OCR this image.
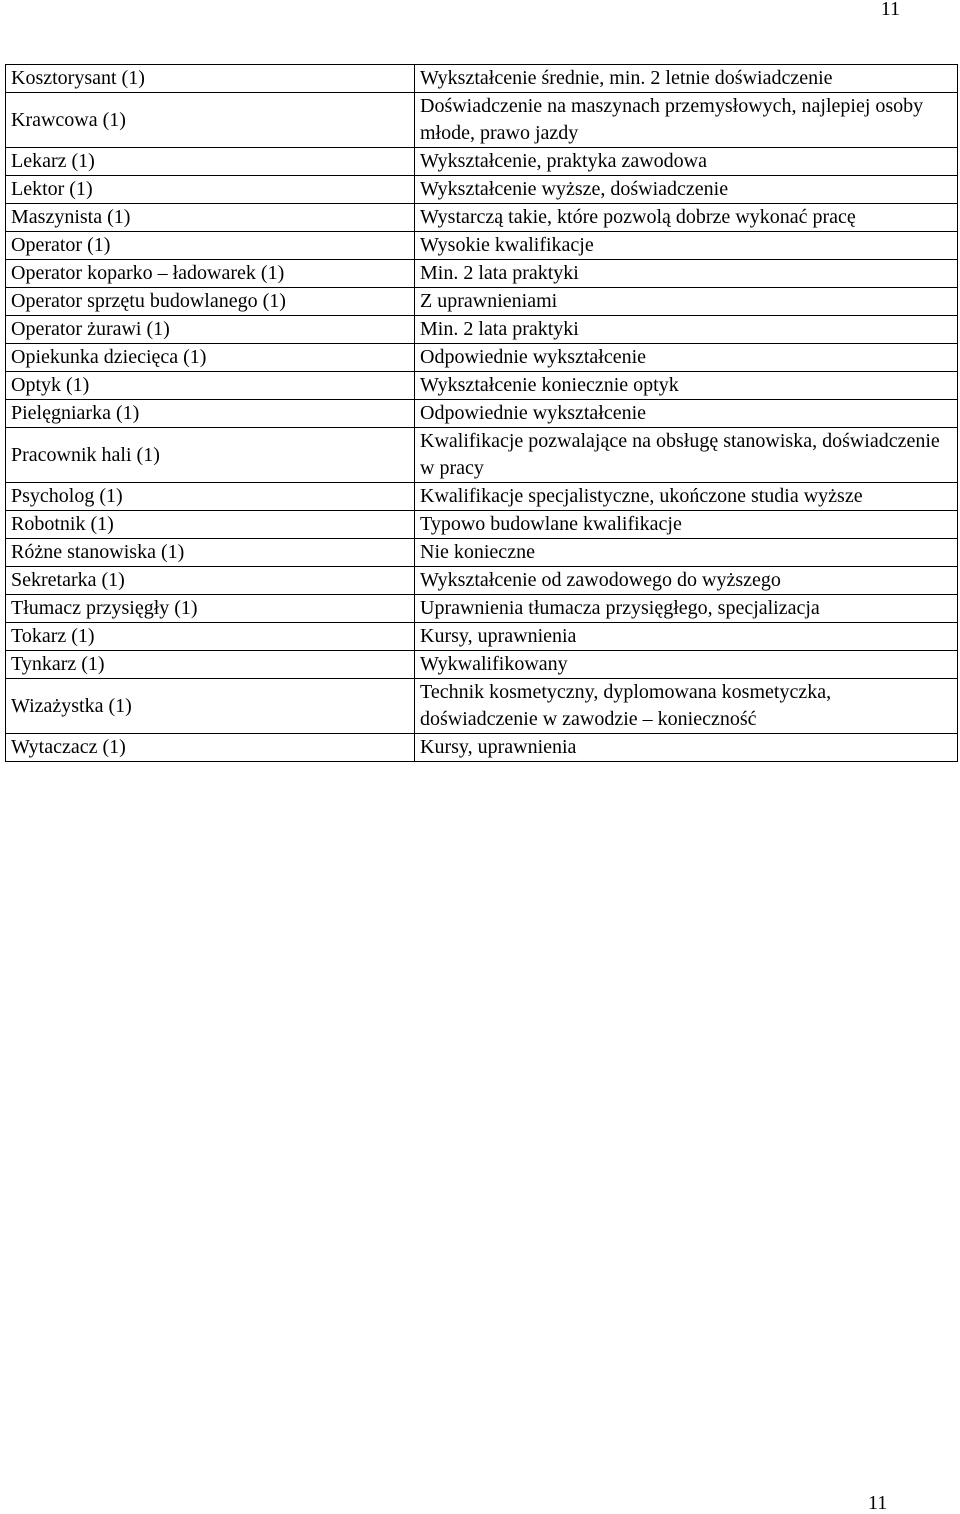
11
Kosztorysant (1)	Wykształcenie średnie, min. 2 letnie doświadczenie
Krawcowa (1)	Doświadczenie na maszynach przemysłowych, najlepiej osoby młode, prawo jazdy
Lekarz (1)	Wykształcenie, praktyka zawodowa
Lektor (1)	Wykształcenie wyższe, doświadczenie
Maszynista (1)	Wystarczą takie, które pozwolą dobrze wykonać pracę
Operator (1)	Wysokie kwalifikacje
Operator koparko – ładowarek (1)	Min. 2 lata praktyki
Operator sprzętu budowlanego (1)	Z uprawnieniami
Operator żurawi (1)	Min. 2 lata praktyki
Opiekunka dziecięca (1)	Odpowiednie wykształcenie
Optyk (1)	Wykształcenie koniecznie optyk
Pielęgniarka (1)	Odpowiednie wykształcenie
Pracownik hali (1)	Kwalifikacje pozwalające na obsługę stanowiska, doświadczenie w pracy
Psycholog (1)	Kwalifikacje specjalistyczne, ukończone studia wyższe
Robotnik (1)	Typowo budowlane kwalifikacje
Różne stanowiska (1)	Nie konieczne
Sekretarka (1)	Wykształcenie od zawodowego do wyższego
Tłumacz przysięgły (1)	Uprawnienia tłumacza przysięgłego, specjalizacja
Tokarz (1)	Kursy, uprawnienia
Tynkarz (1)	Wykwalifikowany
Wizażystka (1)	Technik kosmetyczny, dyplomowana kosmetyczka, doświadczenie w zawodzie – konieczność
Wytaczacz (1)	Kursy, uprawnienia
11
